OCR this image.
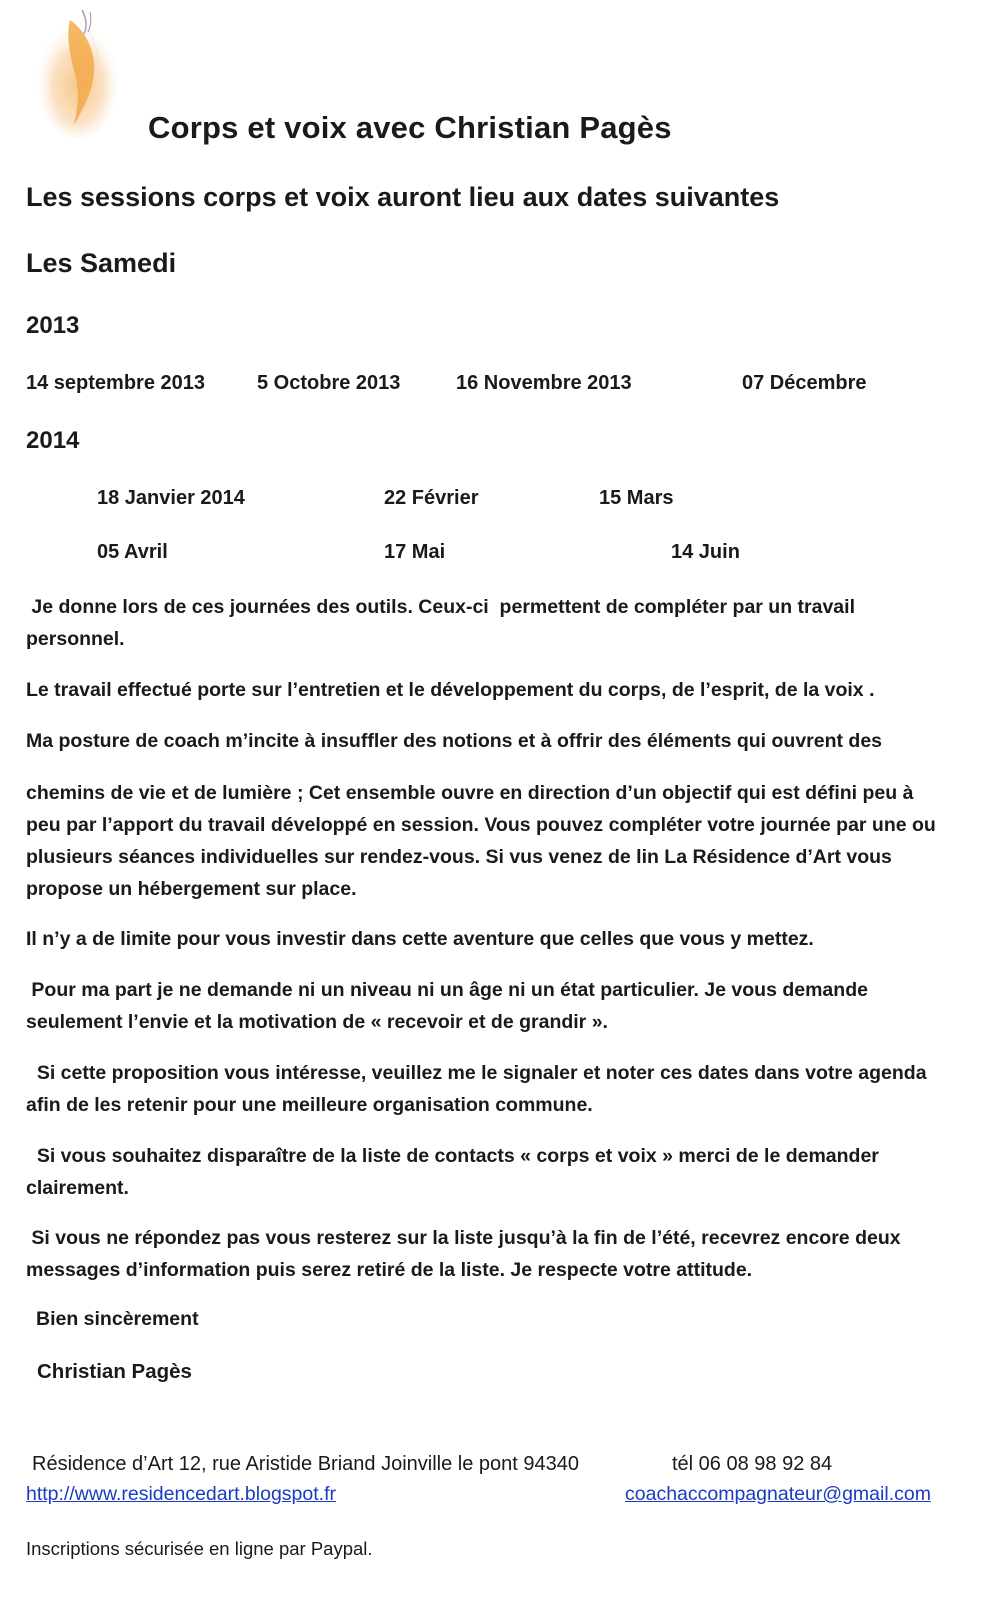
Corps et voix avec Christian Pagès
Les sessions corps et voix auront lieu aux dates suivantes
Les Samedi
2013
14 septembre 2013	5 Octobre 2013	16 Novembre 2013	07 Décembre
2014
18 Janvier 2014	22 Février	15 Mars
05 Avril	17 Mai	14 Juin
Je donne lors de ces journées des outils. Ceux-ci  permettent de compléter par un travail
personnel.
Le travail effectué porte sur l’entretien et le développement du corps, de l’esprit, de la voix .
Ma posture de coach m’incite à insuffler des notions et à offrir des éléments qui ouvrent des
chemins de vie et de lumière ; Cet ensemble ouvre en direction d’un objectif qui est défini peu à
peu par l’apport du travail développé en session. Vous pouvez compléter votre journée par une ou
plusieurs séances individuelles sur rendez-vous. Si vus venez de lin La Résidence d’Art vous
propose un hébergement sur place.
Il n’y a de limite pour vous investir dans cette aventure que celles que vous y mettez.
Pour ma part je ne demande ni un niveau ni un âge ni un état particulier. Je vous demande
seulement l’envie et la motivation de « recevoir et de grandir ».
Si cette proposition vous intéresse, veuillez me le signaler et noter ces dates dans votre agenda
afin de les retenir pour une meilleure organisation commune.
Si vous souhaitez disparaître de la liste de contacts « corps et voix » merci de le demander
clairement.
Si vous ne répondez pas vous resterez sur la liste jusqu’à la fin de l’été, recevrez encore deux
messages d’information puis serez retiré de la liste. Je respecte votre attitude.
Bien sincèrement
Christian Pagès
Résidence d’Art 12, rue Aristide Briand Joinville le pont 94340	tél 06 08 98 92 84
http://www.residencedart.blogspot.fr	coachaccompagnateur@gmail.com
Inscriptions sécurisée en ligne par Paypal.
